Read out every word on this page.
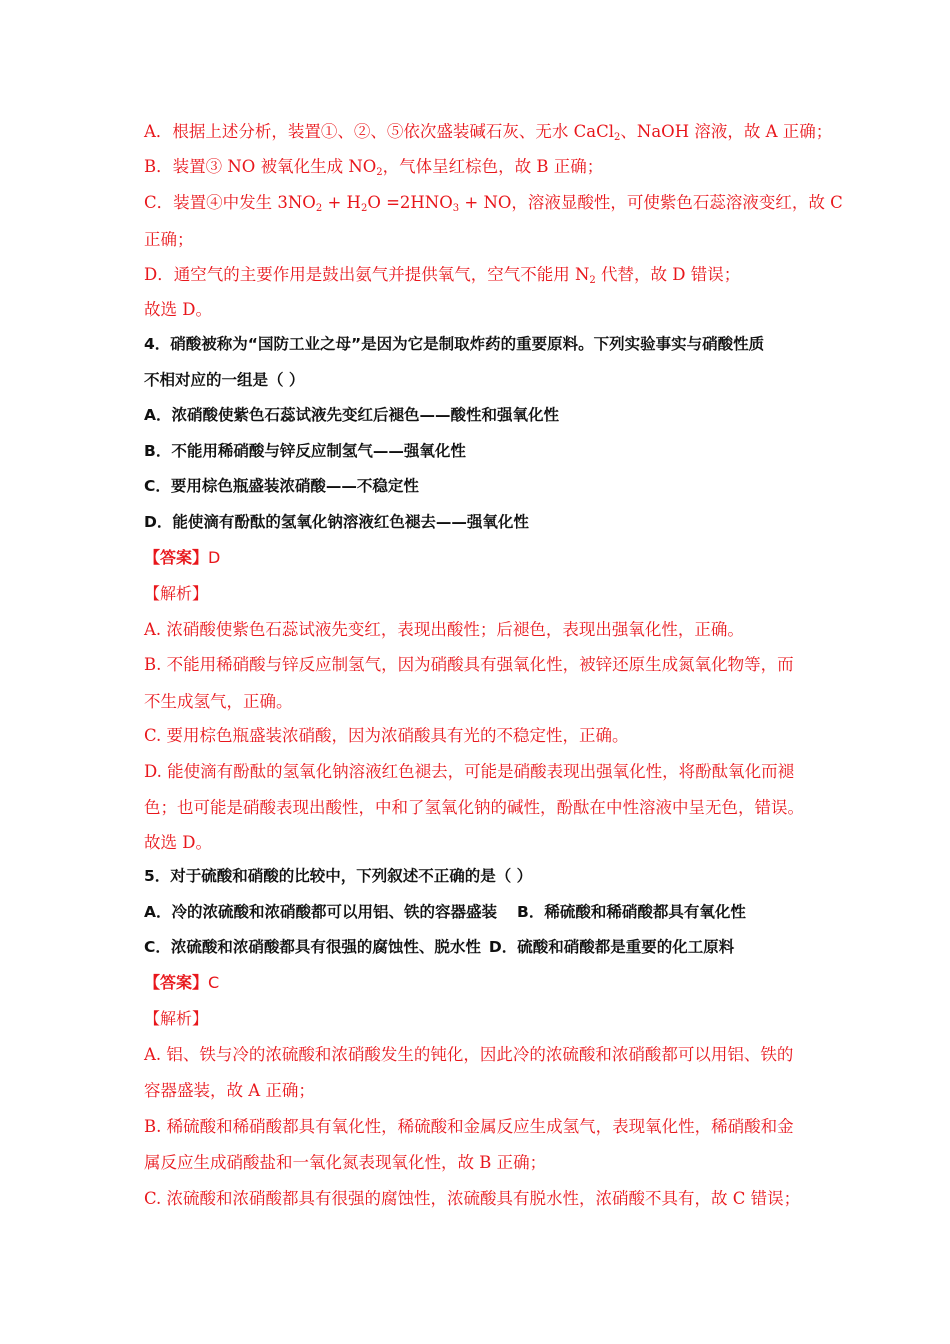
A．根据上述分析，装置①、②、⑤依次盛装碱石灰、无水 CaCl$_2$、NaOH 溶液，故 A 正确；
B．装置③ NO 被氧化生成 $NO_2$，气体呈红棕色，故 B 正确；
C．装置④中发生 $3NO_2 + H_2O =2HNO_3$ + NO，溶液显酸性，可使紫色石蕊溶液变红，故 C
正确；
D．通空气的主要作用是鼓出氨气并提供氧气，空气不能用 $N_2$ 代替，故 D 错误；
故选 D。
4．硝酸被称为“国防工业之母”是因为它是制取炸药的重要原料。下列实验事实与硝酸性质
不相对应的一组是（ ）
A．浓硝酸使紫色石蕊试液先变红后褪色——酸性和强氧化性
B．不能用稀硝酸与锌反应制氢气——强氧化性
C．要用棕色瓶盛装浓硝酸——不稳定性
D．能使滴有酚酞的氢氧化钠溶液红色褪去——强氧化性
【答案】D
【解析】
A. 浓硝酸使紫色石蕊试液先变红，表现出酸性；后褪色，表现出强氧化性，正确。
B. 不能用稀硝酸与锌反应制氢气，因为硝酸具有强氧化性，被锌还原生成氮氧化物等，而
不生成氢气，正确。
C. 要用棕色瓶盛装浓硝酸，因为浓硝酸具有光的不稳定性，正确。
D. 能使滴有酚酞的氢氧化钠溶液红色褪去，可能是硝酸表现出强氧化性，将酚酞氧化而褪
色；也可能是硝酸表现出酸性，中和了氢氧化钠的碱性，酚酞在中性溶液中呈无色，错误。
故选 D。
5．对于硫酸和硝酸的比较中，下列叙述不正确的是（ ）
A．冷的浓硫酸和浓硝酸都可以用铝、铁的容器盛装 B．稀硫酸和稀硝酸都具有氧化性
C．浓硫酸和浓硝酸都具有很强的腐蚀性、脱水性 D．硫酸和硝酸都是重要的化工原料
【答案】C
【解析】
A. 铝、铁与冷的浓硫酸和浓硝酸发生的钝化，因此冷的浓硫酸和浓硝酸都可以用铝、铁的
容器盛装，故 A 正确；
B. 稀硫酸和稀硝酸都具有氧化性，稀硫酸和金属反应生成氢气，表现氧化性，稀硝酸和金
属反应生成硝酸盐和一氧化氮表现氧化性，故 B 正确；
C. 浓硫酸和浓硝酸都具有很强的腐蚀性，浓硫酸具有脱水性，浓硝酸不具有，故 C 错误；
